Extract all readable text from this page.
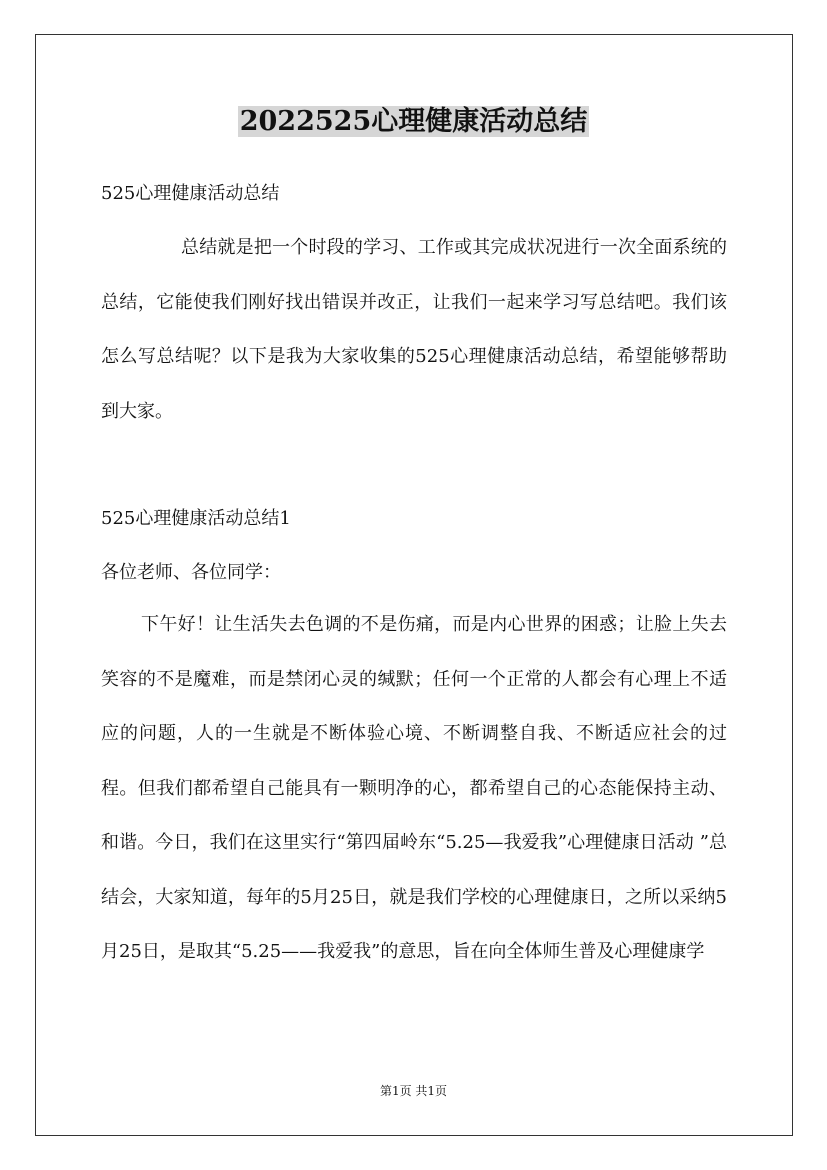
2022525心理健康活动总结
525心理健康活动总结
总结就是把一个时段的学习、工作或其完成状况进行一次全面系统的总结，它能使我们刚好找出错误并改正，让我们一起来学习写总结吧。我们该怎么写总结呢？以下是我为大家收集的525心理健康活动总结，希望能够帮助到大家。
525心理健康活动总结1
各位老师、各位同学：
下午好！让生活失去色调的不是伤痛，而是内心世界的困惑；让脸上失去笑容的不是魔难，而是禁闭心灵的缄默；任何一个正常的人都会有心理上不适应的问题，人的一生就是不断体验心境、不断调整自我、不断适应社会的过程。但我们都希望自己能具有一颗明净的心，都希望自己的心态能保持主动、和谐。今日，我们在这里实行“第四届岭东“5.25—我爱我”心理健康日活动 ”总结会，大家知道，每年的5月25日，就是我们学校的心理健康日，之所以采纳5月25日，是取其“5.25——我爱我”的意思，旨在向全体师生普及心理健康学
第1页 共1页
